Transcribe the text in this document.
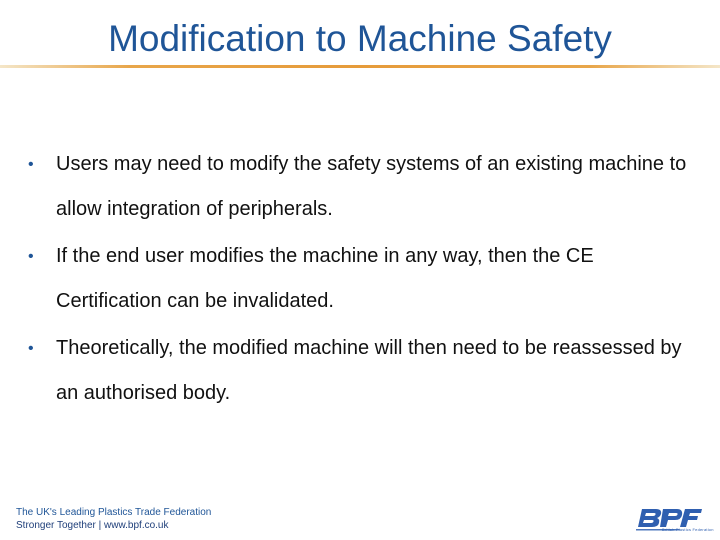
Modification to Machine Safety
• Users may need to modify the safety systems of an existing machine to allow integration of peripherals.
• If the end user modifies the machine in any way, then the CE Certification can be invalidated.
• Theoretically, the modified machine will then need to be reassessed by an authorised body.
The UK's Leading Plastics Trade Federation
Stronger Together | www.bpf.co.uk	British Plastics Federation
